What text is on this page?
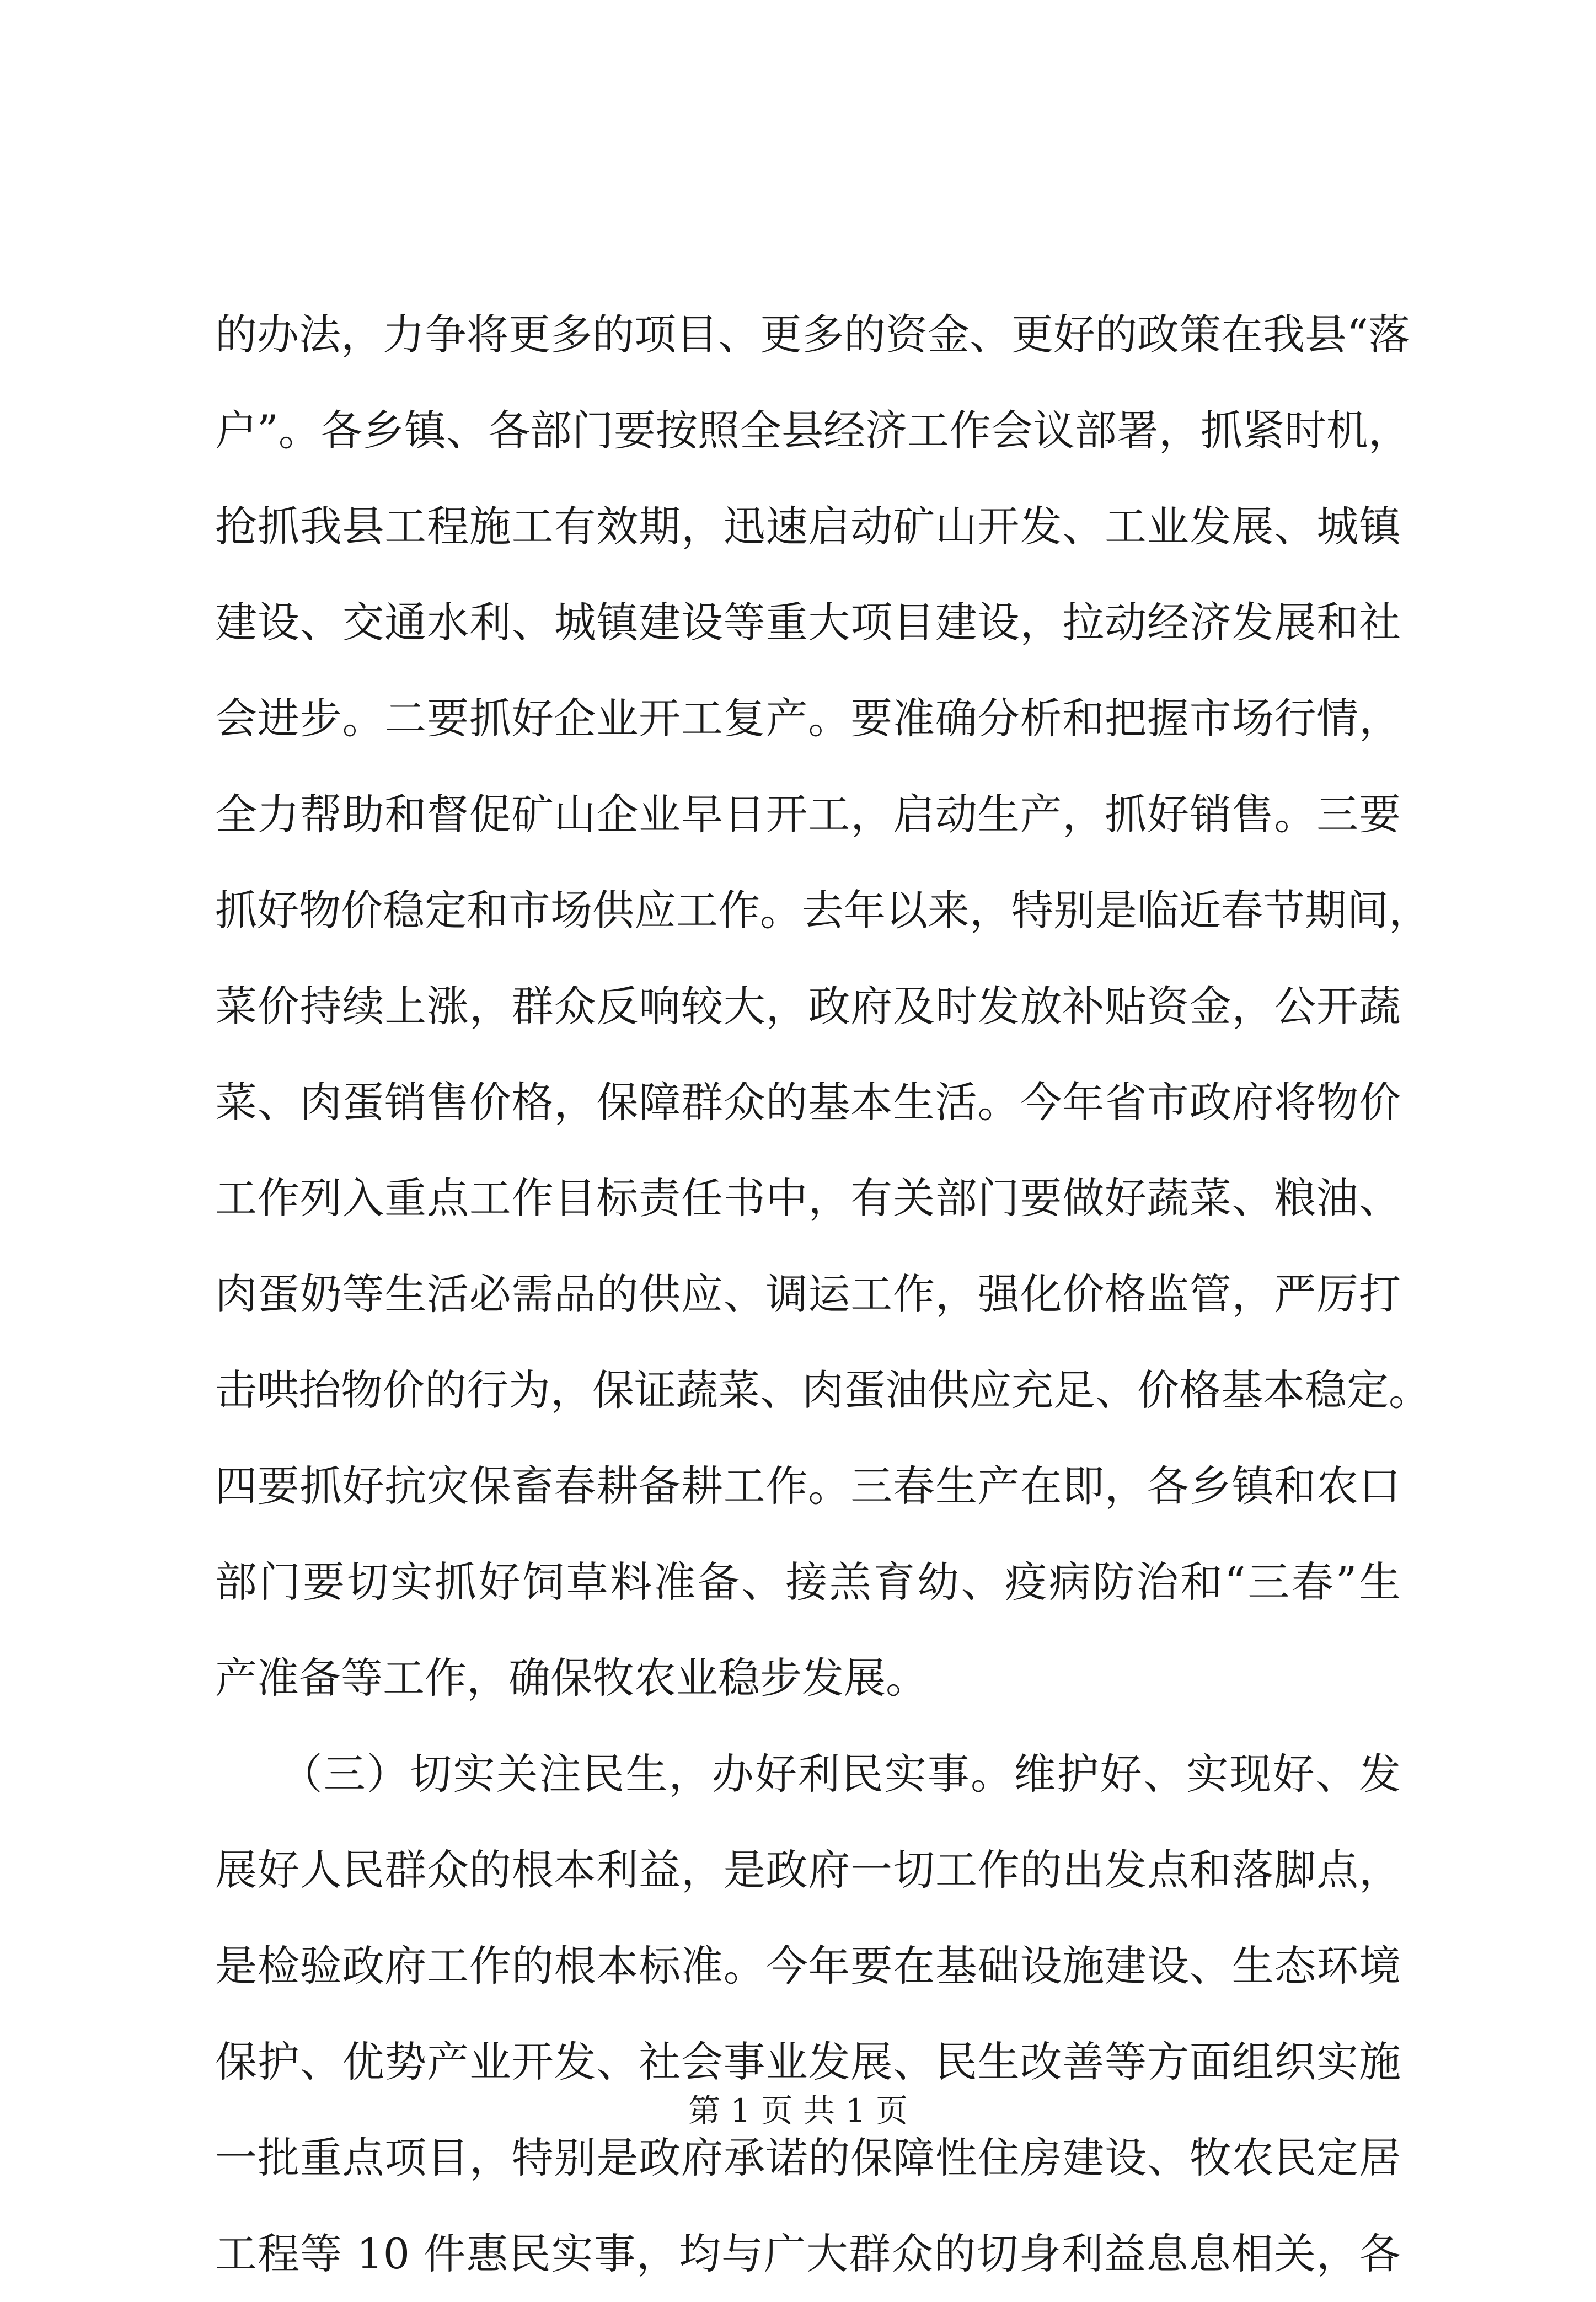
的办法，力争将更多的项目、更多的资金、更好的政策在我县“落
户”。各乡镇、各部门要按照全县经济工作会议部署，抓紧时机，
抢抓我县工程施工有效期，迅速启动矿山开发、工业发展、城镇
建设、交通水利、城镇建设等重大项目建设，拉动经济发展和社
会进步。二要抓好企业开工复产。要准确分析和把握市场行情，
全力帮助和督促矿山企业早日开工，启动生产，抓好销售。三要
抓好物价稳定和市场供应工作。去年以来，特别是临近春节期间，
菜价持续上涨，群众反响较大，政府及时发放补贴资金，公开蔬
菜、肉蛋销售价格，保障群众的基本生活。今年省市政府将物价
工作列入重点工作目标责任书中，有关部门要做好蔬菜、粮油、
肉蛋奶等生活必需品的供应、调运工作，强化价格监管，严厉打
击哄抬物价的行为，保证蔬菜、肉蛋油供应充足、价格基本稳定。
四要抓好抗灾保畜春耕备耕工作。三春生产在即，各乡镇和农口
部门要切实抓好饲草料准备、接羔育幼、疫病防治和“三春”生
产准备等工作，确保牧农业稳步发展。
　　（三）切实关注民生，办好利民实事。维护好、实现好、发
展好人民群众的根本利益，是政府一切工作的出发点和落脚点，
是检验政府工作的根本标准。今年要在基础设施建设、生态环境
保护、优势产业开发、社会事业发展、民生改善等方面组织实施
一批重点项目，特别是政府承诺的保障性住房建设、牧农民定居
工程等 10 件惠民实事，均与广大群众的切身利益息息相关，各
第 1 页 共 1 页
